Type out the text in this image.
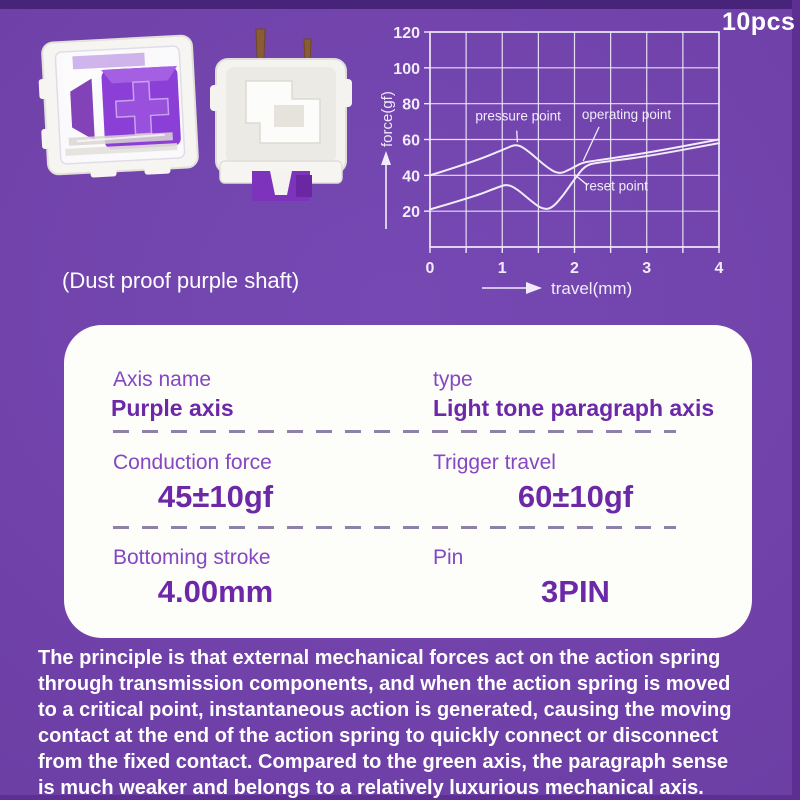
10pcs
0	1	2	3	4
20
40
60
80
100
120
force(gf)
travel(mm)
pressure point operating point
reset point
(Dust proof purple shaft)
Axis name
Purple axis
type
Light tone paragraph axis
Conduction force
45±10gf
Trigger travel
60±10gf
Bottoming stroke
4.00mm
Pin
3PIN
The principle is that external mechanical forces act on the action spring
through transmission components, and when the action spring is moved
to a critical point, instantaneous action is generated, causing the moving
contact at the end of the action spring to quickly connect or disconnect
from the fixed contact. Compared to the green axis, the paragraph sense
is much weaker and belongs to a relatively luxurious mechanical axis.
